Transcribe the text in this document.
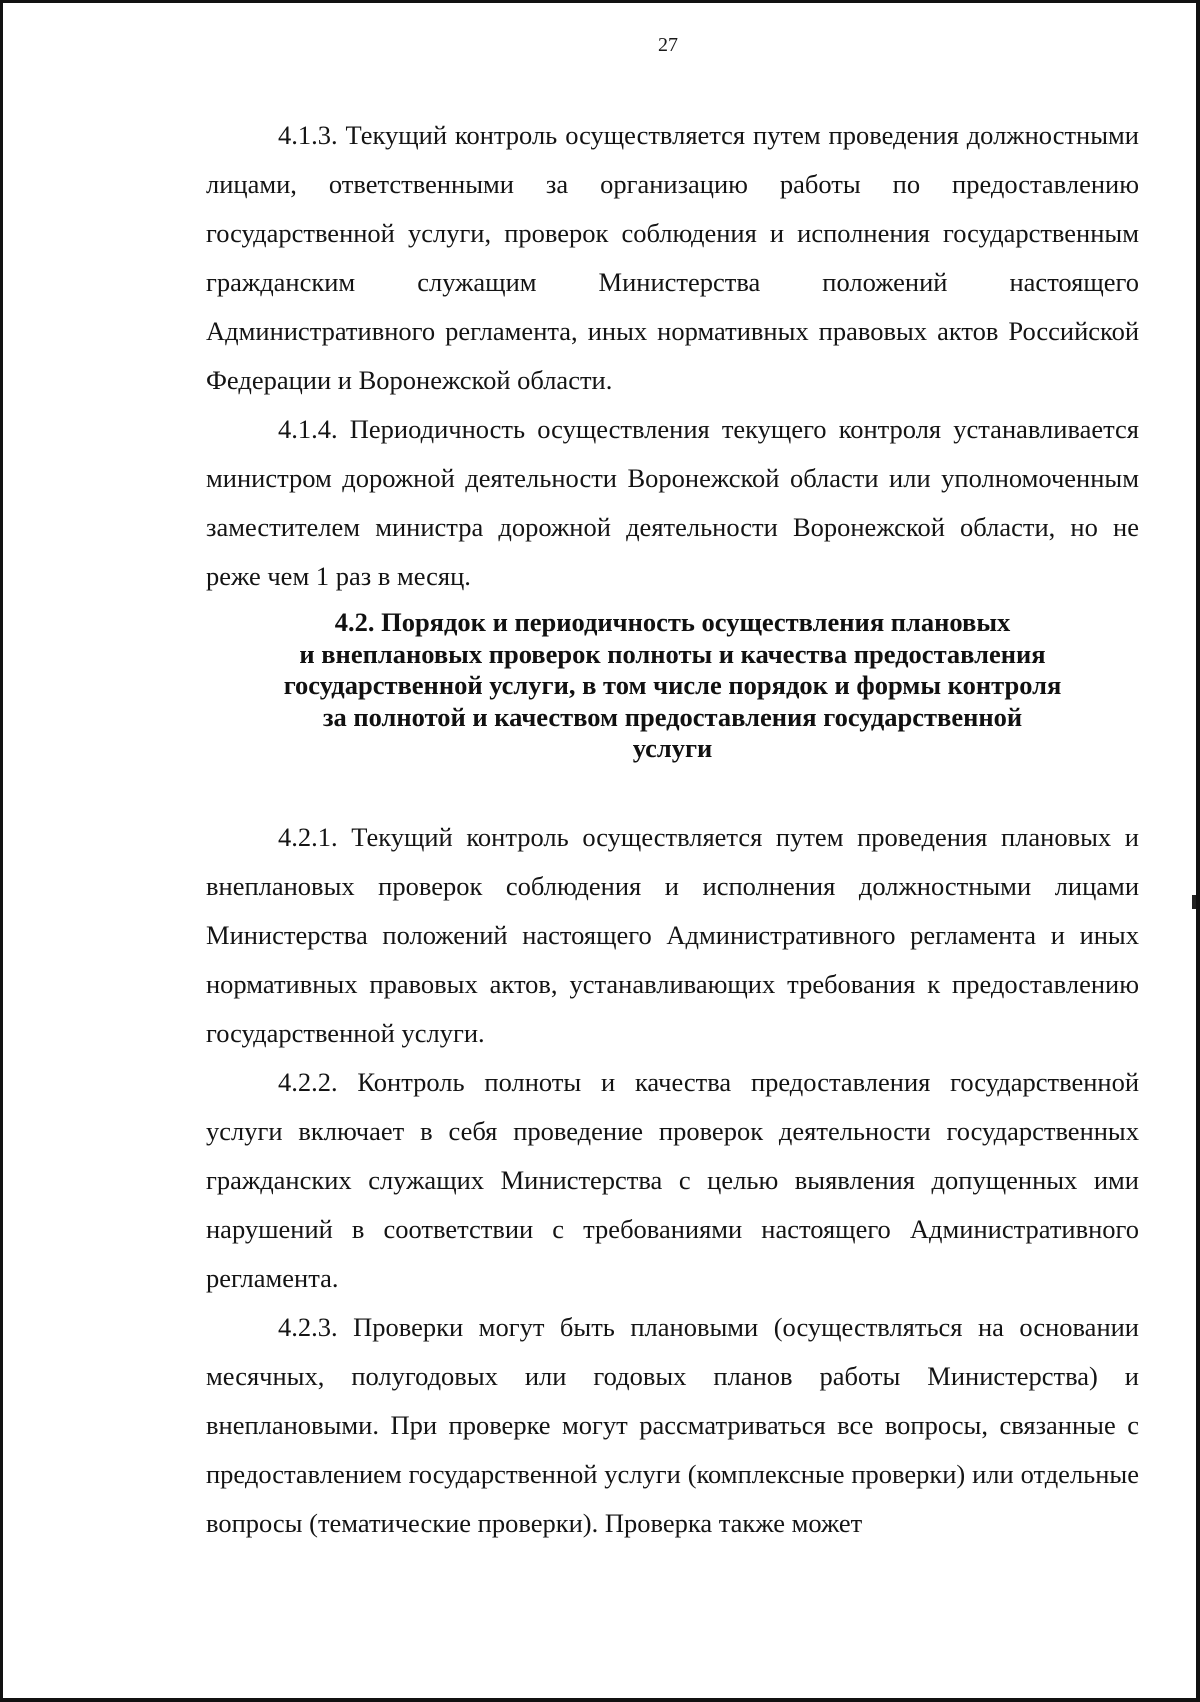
27

4.1.3. Текущий контроль осуществляется путем проведения должностными лицами, ответственными за организацию работы по предоставлению государственной услуги, проверок соблюдения и исполнения государственным гражданским служащим Министерства положений настоящего Административного регламента, иных нормативных правовых актов Российской Федерации и Воронежской области.

4.1.4. Периодичность осуществления текущего контроля устанавливается министром дорожной деятельности Воронежской области или уполномоченным заместителем министра дорожной деятельности Воронежской области, но не реже чем 1 раз в месяц.

4.2. Порядок и периодичность осуществления плановых
и внеплановых проверок полноты и качества предоставления
государственной услуги, в том числе порядок и формы контроля
за полнотой и качеством предоставления государственной
услуги

4.2.1. Текущий контроль осуществляется путем проведения плановых и внеплановых проверок соблюдения и исполнения должностными лицами Министерства положений настоящего Административного регламента и иных нормативных правовых актов, устанавливающих требования к предоставлению государственной услуги.

4.2.2. Контроль полноты и качества предоставления государственной услуги включает в себя проведение проверок деятельности государственных гражданских служащих Министерства с целью выявления допущенных ими нарушений в соответствии с требованиями настоящего Административного регламента.

4.2.3. Проверки могут быть плановыми (осуществляться на основании месячных, полугодовых или годовых планов работы Министерства) и внеплановыми. При проверке могут рассматриваться все вопросы, связанные с предоставлением государственной услуги (комплексные проверки) или отдельные вопросы (тематические проверки). Проверка также может
